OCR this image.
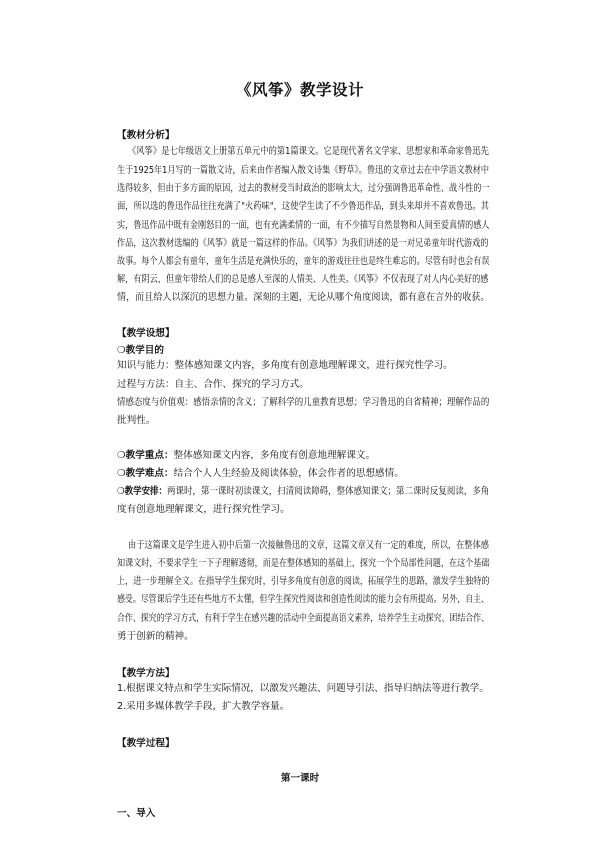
《风筝》教学设计
【教材分析】
《风筝》是七年级语文上册第五单元中的第1篇课文。它是现代著名文学家、思想家和革命家鲁迅先
生于1925年1月写的一篇散文诗，后来由作者编入散文诗集《野草》。鲁迅的文章过去在中学语文教材中
选得较多，但由于多方面的原因，过去的教材受当时政治的影响太大，过分强调鲁迅革命性、战斗性的一
面，所以选的鲁迅作品往往充满了"火药味"，这使学生读了不少鲁迅作品，到头来却并不喜欢鲁迅。其
实，鲁迅作品中既有金刚怒目的一面，也有充满柔情的一面，有不少描写自然景物和人间至爱真情的感人
作品，这次教材选编的《风筝》就是一篇这样的作品。《风筝》为我们讲述的是一对兄弟童年时代游戏的
故事。每个人都会有童年，童年生活是充满快乐的，童年的游戏往往也是终生难忘的。尽管有时也会有误
解，有阴云，但童年带给人们的总是感人至深的人情美、人性美。《风筝》不仅表现了对人内心美好的感
情，而且给人以深沉的思想力量。深刻的主题，无论从哪个角度阅读，都有意在言外的收获。
【教学设想】
❍教学目的
知识与能力：整体感知课文内容，多角度有创意地理解课文，进行探究性学习。
过程与方法：自主、合作、探究的学习方式。
情感态度与价值观：感悟亲情的含义；了解科学的儿童教育思想；学习鲁迅的自省精神；理解作品的
批判性。
❍教学重点：整体感知课文内容，多角度有创意地理解课文。
❍教学难点：结合个人人生经验及阅读体验，体会作者的思想感情。
❍教学安排：两课时，第一课时初读课文，扫清阅读障碍，整体感知课文；第二课时反复阅读，多角
度有创意地理解课文，进行探究性学习。
由于这篇课文是学生进入初中后第一次接触鲁迅的文章，这篇文章又有一定的难度，所以，在整体感
知课文时，不要求学生一下子理解透彻，而是在整体感知的基础上，探究一个个局部性问题，在这个基础
上，进一步理解全文。在指导学生探究时，引导多角度有创意的阅读，拓展学生的思路，激发学生独特的
感受。尽管课后学生还有些地方不太懂，但学生探究性阅读和创造性阅读的能力会有所提高。另外，自主、
合作、探究的学习方式，有利于学生在感兴趣的活动中全面提高语文素养，培养学生主动探究、团结合作、
勇于创新的精神。
【教学方法】
1.根据课文特点和学生实际情况，以激发兴趣法、问题导引法、指导归纳法等进行教学。
2.采用多媒体教学手段，扩大教学容量。
【教学过程】
第一课时
一、导入
